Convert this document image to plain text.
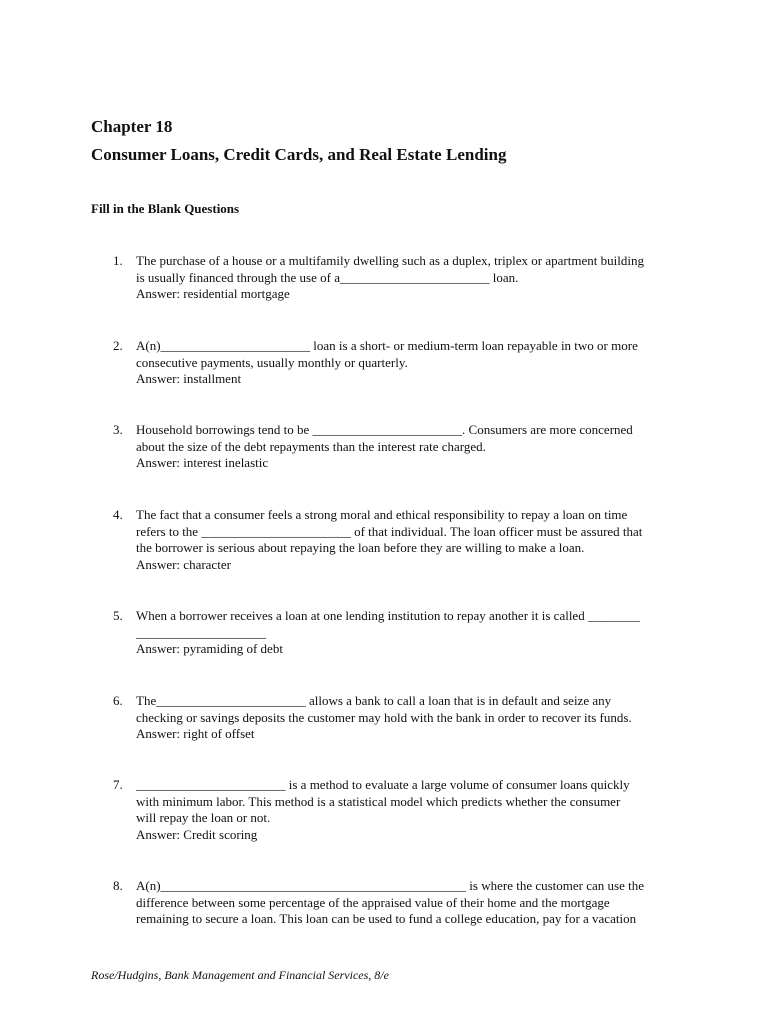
Chapter 18
Consumer Loans, Credit Cards, and Real Estate Lending
Fill in the Blank Questions
1.	The purchase of a house or a multifamily dwelling such as a duplex, triplex or apartment building
is usually financed through the use of a_______________________ loan.
Answer: residential mortgage
2.	A(n)_______________________ loan is a short- or medium-term loan repayable in two or more
consecutive payments, usually monthly or quarterly.
Answer: installment
3.	Household borrowings tend to be _______________________. Consumers are more concerned
about the size of the debt repayments than the interest rate charged.
Answer: interest inelastic
4.	The fact that a consumer feels a strong moral and ethical responsibility to repay a loan on time
refers to the _______________________ of that individual. The loan officer must be assured that
the borrower is serious about repaying the loan before they are willing to make a loan.
Answer: character
5.	When a borrower receives a loan at one lending institution to repay another it is called ________
____________________
Answer: pyramiding of debt
6.	The_______________________ allows a bank to call a loan that is in default and seize any
checking or savings deposits the customer may hold with the bank in order to recover its funds.
Answer: right of offset
7.	_______________________ is a method to evaluate a large volume of consumer loans quickly
with minimum labor. This method is a statistical model which predicts whether the consumer
will repay the loan or not.
Answer: Credit scoring
8.	A(n)_______________________________________________ is where the customer can use the
difference between some percentage of the appraised value of their home and the mortgage
remaining to secure a loan. This loan can be used to fund a college education, pay for a vacation
Rose/Hudgins, Bank Management and Financial Services, 8/e
